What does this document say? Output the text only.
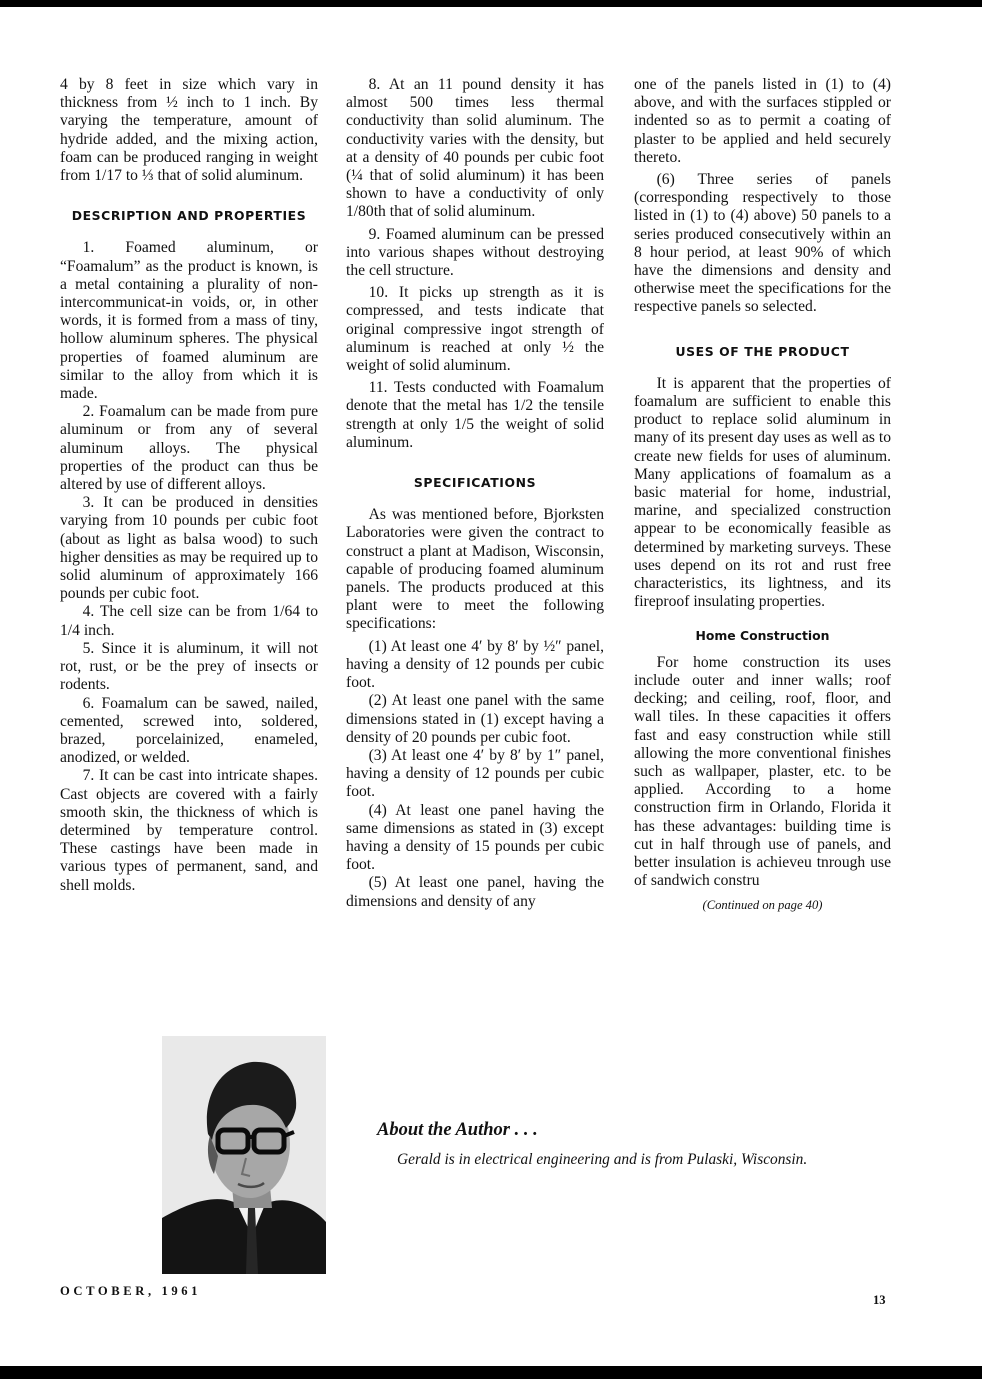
4 by 8 feet in size which vary in thickness from ½ inch to 1 inch. By varying the temperature, amount of hydride added, and the mixing action, foam can be produced ranging in weight from 1/17 to ⅓ that of solid aluminum.

DESCRIPTION AND PROPERTIES

1. Foamed aluminum, or “Foamalum” as the product is known, is a metal containing a plurality of non-intercommunicat-in voids, or, in other words, it is formed from a mass of tiny, hollow aluminum spheres. The physical properties of foamed aluminum are similar to the alloy from which it is made.

2. Foamalum can be made from pure aluminum or from any of several aluminum alloys. The physical properties of the product can thus be altered by use of different alloys.

3. It can be produced in densities varying from 10 pounds per cubic foot (about as light as balsa wood) to such higher densities as may be required up to solid aluminum of approximately 166 pounds per cubic foot.

4. The cell size can be from 1/64 to 1/4 inch.

5. Since it is aluminum, it will not rot, rust, or be the prey of insects or rodents.

6. Foamalum can be sawed, nailed, cemented, screwed into, soldered, brazed, porcelainized, enameled, anodized, or welded.

7. It can be cast into intricate shapes. Cast objects are covered with a fairly smooth skin, the thickness of which is determined by temperature control. These castings have been made in various types of permanent, sand, and shell molds.

8. At an 11 pound density it has almost 500 times less thermal conductivity than solid aluminum. The conductivity varies with the density, but at a density of 40 pounds per cubic foot (¼ that of solid aluminum) it has been shown to have a conductivity of only 1/80th that of solid aluminum.

9. Foamed aluminum can be pressed into various shapes without destroying the cell structure.

10. It picks up strength as it is compressed, and tests indicate that original compressive ingot strength of aluminum is reached at only ½ the weight of solid aluminum.

11. Tests conducted with Foamalum denote that the metal has 1/2 the tensile strength at only 1/5 the weight of solid aluminum.

SPECIFICATIONS

As was mentioned before, Bjorksten Laboratories were given the contract to construct a plant at Madison, Wisconsin, capable of producing foamed aluminum panels. The products produced at this plant were to meet the following specifications:

(1) At least one 4′ by 8′ by ½″ panel, having a density of 12 pounds per cubic foot.

(2) At least one panel with the same dimensions stated in (1) except having a density of 20 pounds per cubic foot.

(3) At least one 4′ by 8′ by 1″ panel, having a density of 12 pounds per cubic foot.

(4) At least one panel having the same dimensions as stated in (3) except having a density of 15 pounds per cubic foot.

(5) At least one panel, having the dimensions and density of any

one of the panels listed in (1) to (4) above, and with the surfaces stippled or indented so as to permit a coating of plaster to be applied and held securely thereto.

(6) Three series of panels (corresponding respectively to those listed in (1) to (4) above) 50 panels to a series produced consecutively within an 8 hour period, at least 90% of which have the dimensions and density and otherwise meet the specifications for the respective panels so selected.

USES OF THE PRODUCT

It is apparent that the properties of foamalum are sufficient to enable this product to replace solid aluminum in many of its present day uses as well as to create new fields for uses of aluminum. Many applications of foamalum as a basic material for home, industrial, marine, and specialized construction appear to be economically feasible as determined by marketing surveys. These uses depend on its rot and rust free characteristics, its lightness, and its fireproof insulating properties.

Home Construction

For home construction its uses include outer and inner walls; roof decking; and ceiling, roof, floor, and wall tiles. In these capacities it offers fast and easy construction while still allowing the more conventional finishes such as wallpaper, plaster, etc. to be applied. According to a home construction firm in Orlando, Florida it has these advantages: building time is cut in half through use of panels, and better insulation is achieveu tnrough use of sandwich constru

(Continued on page 40)
About the Author . . .
Gerald is in electrical engineering and is from Pulaski, Wisconsin.
OCTOBER, 1961
13
